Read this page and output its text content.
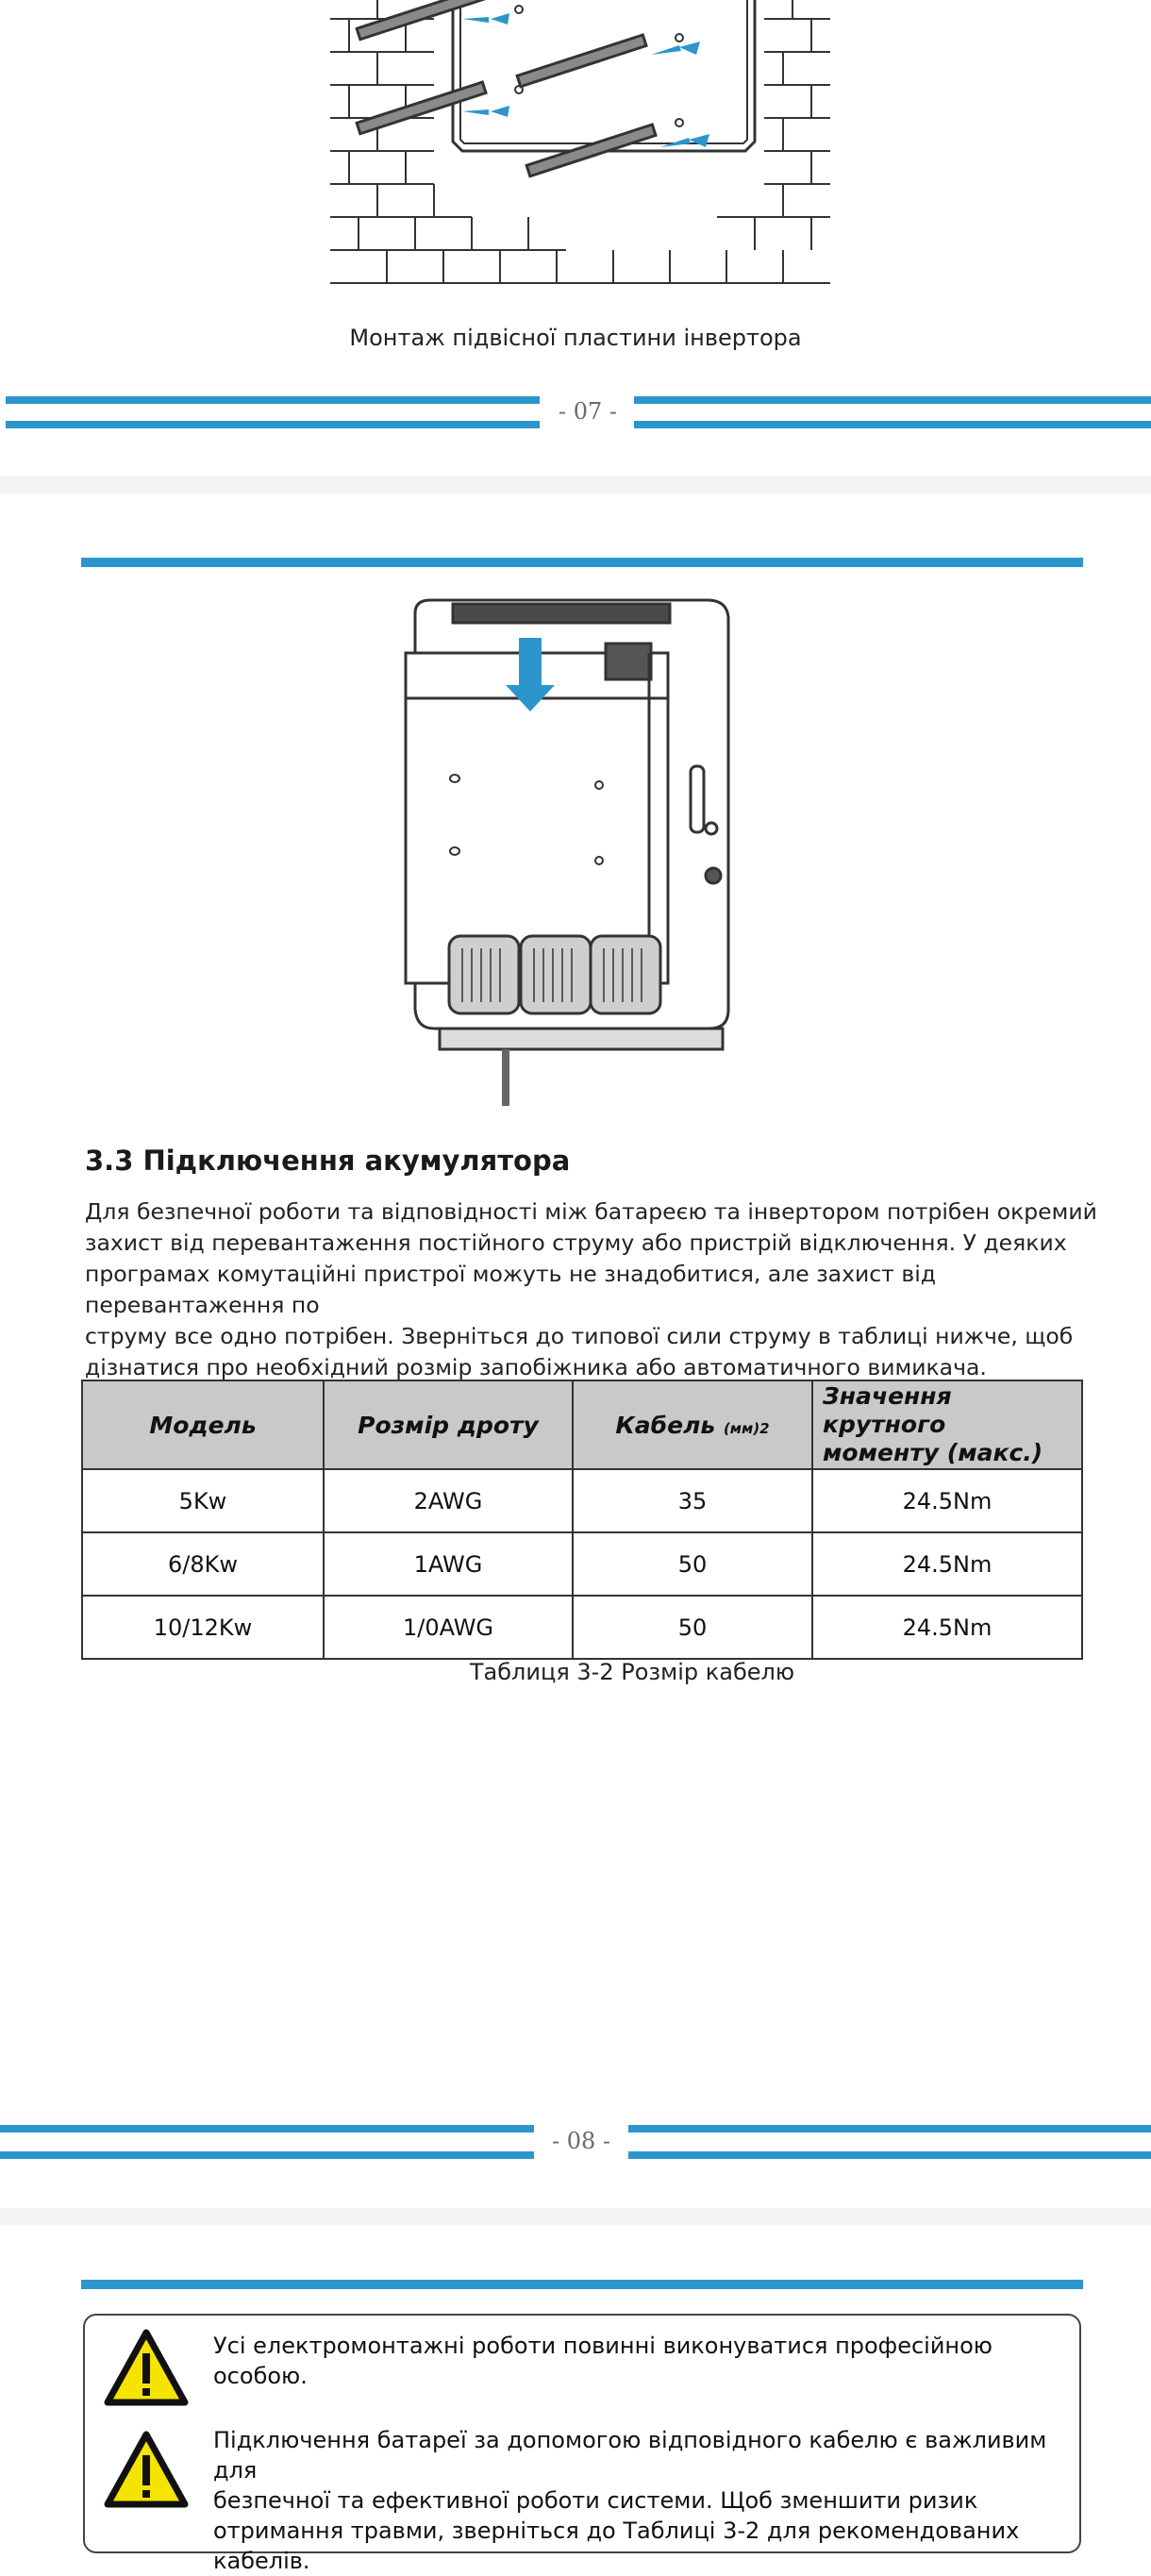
Монтаж підвісної пластини інвертора
- 07 -
3.3 Підключення акумулятора

Для безпечної роботи та відповідності між батареєю та інвертором потрібен окремий
захист від перевантаження постійного струму або пристрій відключення. У деяких
програмах комутаційні пристрої можуть не знадобитися, але захист від перевантаження по
струму все одно потрібен. Зверніться до типової сили струму в таблиці нижче, щоб
дізнатися про необхідний розмір запобіжника або автоматичного вимикача.

Модель	Розмір дроту	Кабель (мм)2	Значення крутного
моменту (макс.)
5Kw	2AWG	35	24.5Nm
6/8Kw	1AWG	50	24.5Nm
10/12Kw	1/0AWG	50	24.5Nm
Таблиця 3-2 Розмір кабелю
- 08 -
Усі електромонтажні роботи повинні виконуватися професійною особою.
Підключення батареї за допомогою відповідного кабелю є важливим для
безпечної та ефективної роботи системи. Щоб зменшити ризик
отримання травми, зверніться до Таблиці 3-2 для рекомендованих
кабелів.
